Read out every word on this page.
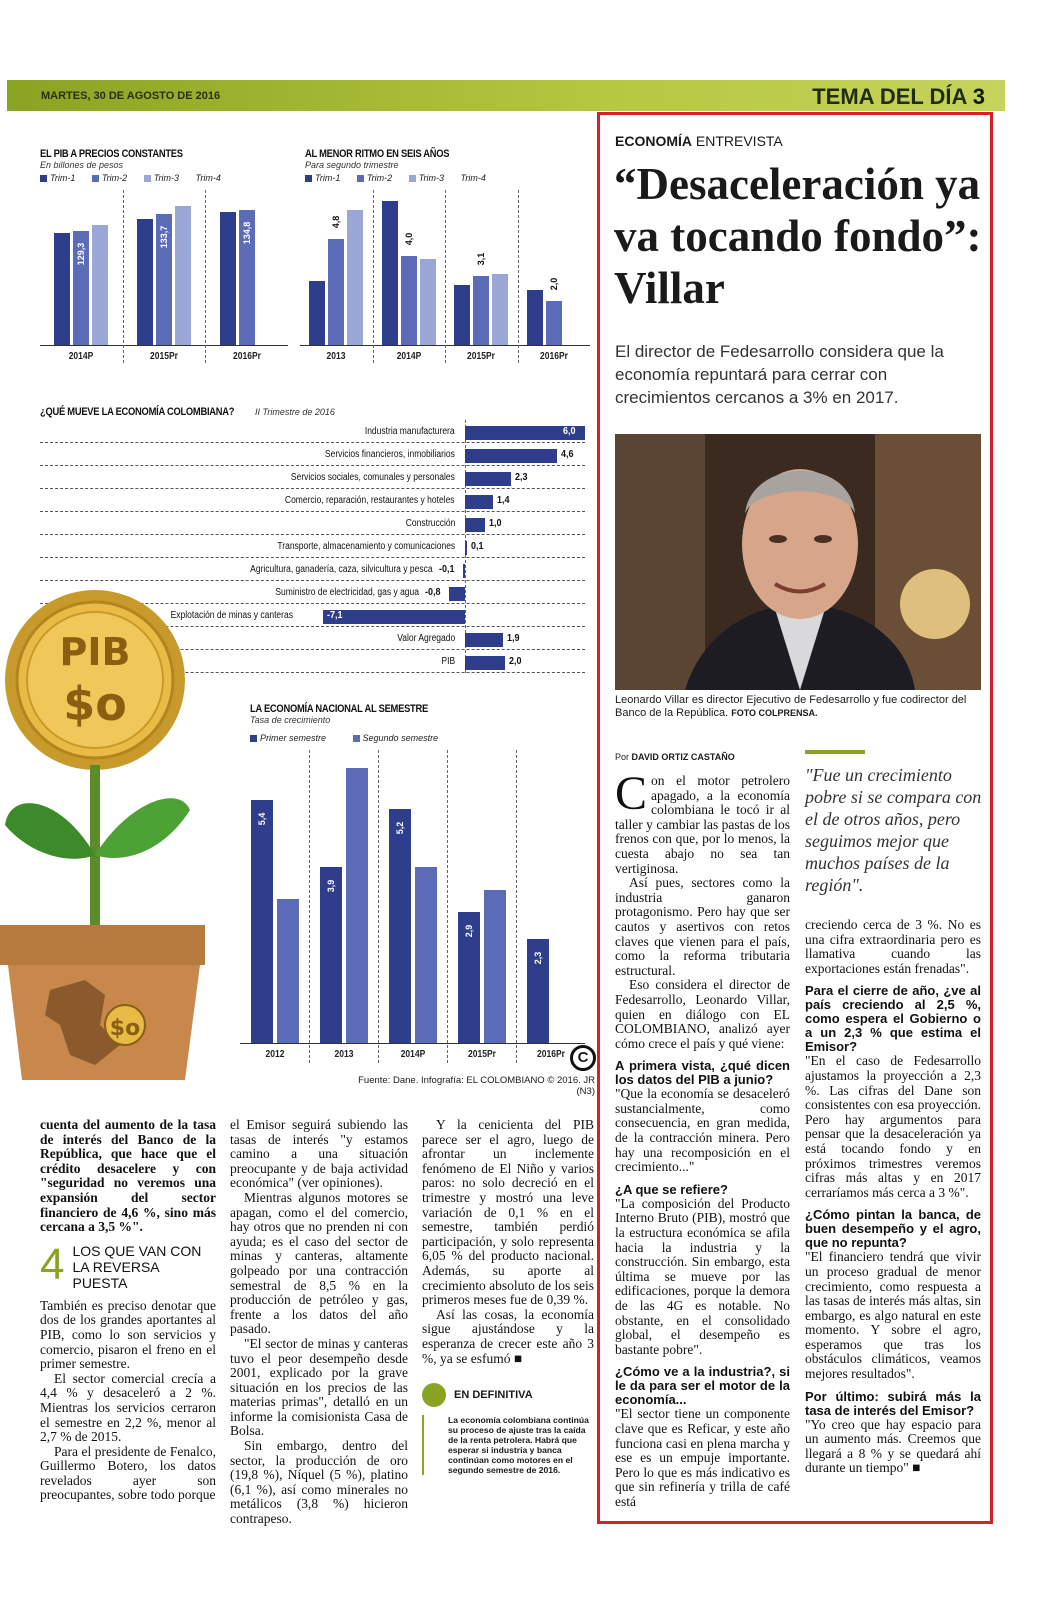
MARTES, 30 DE AGOSTO DE 2016	TEMA DEL DÍA 3
EL PIB A PRECIOS CONSTANTES
En billones de pesos
Trim-1	Trim-2	Trim-3 Trim-4
2014P
129,3
2015Pr
133,7
2016Pr
134,8
AL MENOR RITMO EN SEIS AÑOS
Para segundo trimestre
Trim-1	Trim-2	Trim-3 Trim-4
2013
4,8
2014P
4,0
2015Pr
3,1
2016Pr
2,0
¿QUÉ MUEVE LA ECONOMÍA COLOMBIANA? II Trimestre de 2016
6,0
Industria manufacturera
4,6
Servicios financieros, inmobiliarios
2,3
Servicios sociales, comunales y personales
1,4
Comercio, reparación, restaurantes y hoteles
1,0
Construcción
0,1
Transporte, almacenamiento y comunicaciones
-0,1
Agricultura, ganadería, caza, silvicultura y pesca
-0,8
Suministro de electricidad, gas y agua
-7,1
Explotación de minas y canteras
1,9
Valor Agregado
2,0
PIB
PIB
$o
$o
LA ECONOMÍA NACIONAL AL SEMESTRE
Tasa de crecimiento
Primer semestre	Segundo semestre
2012
5,4
2013
3,9
2014P
5,2
2015Pr
2,9
2016Pr
2,3
C
Fuente: Dane. Infografía: EL COLOMBIANO © 2016. JR (N3)

cuenta del aumento de la tasa de interés del Banco de la República, que hace que el crédito desacelere y con "seguridad no veremos una expansión del sector financiero de 4,6 %, sino más cercana a 3,5 %".

4 LOS QUE VAN CON LA REVERSA PUESTA

También es preciso denotar que dos de los grandes aportantes al PIB, como lo son servicios y comercio, pisaron el freno en el primer semestre.

El sector comercial crecía a 4,4 % y desaceleró a 2 %. Mientras los servicios cerraron el semestre en 2,2 %, menor al 2,7 % de 2015.

Para el presidente de Fenalco, Guillermo Botero, los datos revelados ayer son preocupantes, sobre todo porque

el Emisor seguirá subiendo las tasas de interés "y estamos camino a una situación preocupante y de baja actividad económica" (ver opiniones).

Mientras algunos motores se apagan, como el del comercio, hay otros que no prenden ni con ayuda; es el caso del sector de minas y canteras, altamente golpeado por una contracción semestral de 8,5 % en la producción de petróleo y gas, frente a los datos del año pasado.

"El sector de minas y canteras tuvo el peor desempeño desde 2001, explicado por la grave situación en los precios de las materias primas", detalló en un informe la comisionista Casa de Bolsa.

Sin embargo, dentro del sector, la producción de oro (19,8 %), Níquel (5 %), platino (6,1 %), así como minerales no metálicos (3,8 %) hicieron contrapeso.

Y la cenicienta del PIB parece ser el agro, luego de afrontar un inclemente fenómeno de El Niño y varios paros: no solo decreció en el trimestre y mostró una leve variación de 0,1 % en el semestre, también perdió participación, y solo representa 6,05 % del producto nacional. Además, su aporte al crecimiento absoluto de los seis primeros meses fue de 0,39 %.

Así las cosas, la economía sigue ajustándose y la esperanza de crecer este año 3 %, ya se esfumó ■

EN DEFINITIVA
La economía colombiana continúa su proceso de ajuste tras la caída de la renta petrolera. Habrá que esperar si industria y banca continúan como motores en el segundo semestre de 2016.
ECONOMÍA ENTREVISTA
“Desaceleración ya va tocando fondo”: Villar
El director de Fedesarrollo considera que la economía repuntará para cerrar con crecimientos cercanos a 3% en 2017.
Leonardo Villar es director Ejecutivo de Fedesarrollo y fue codirector del Banco de la República. FOTO COLPRENSA.
Por DAVID ORTIZ CASTAÑO

Con el motor petrolero apagado, a la economía colombiana le tocó ir al taller y cambiar las pastas de los frenos con que, por lo menos, la cuesta abajo no sea tan vertiginosa.

Así pues, sectores como la industria ganaron protagonismo. Pero hay que ser cautos y asertivos con retos claves que vienen para el país, como la reforma tributaria estructural.

Eso considera el director de Fedesarrollo, Leonardo Villar, quien en diálogo con EL COLOMBIANO, analizó ayer cómo crece el país y qué viene:

A primera vista, ¿qué dicen los datos del PIB a junio?

"Que la economía se desaceleró sustancialmente, como consecuencia, en gran medida, de la contracción minera. Pero hay una recomposición en el crecimiento..."

¿A que se refiere?

"La composición del Producto Interno Bruto (PIB), mostró que la estructura económica se afila hacia la industria y la construcción. Sin embargo, esta última se mueve por las edificaciones, porque la demora de las 4G es notable. No obstante, en el consolidado global, el desempeño es bastante pobre".

¿Cómo ve a la industria?, si le da para ser el motor de la economía...

"El sector tiene un componente clave que es Reficar, y este año funciona casi en plena marcha y ese es un empuje importante. Pero lo que es más indicativo es que sin refinería y trilla de café está

"Fue un crecimiento pobre si se compara con el de otros años, pero seguimos mejor que muchos países de la región".

creciendo cerca de 3 %. No es una cifra extraordinaria pero es llamativa cuando las exportaciones están frenadas".

Para el cierre de año, ¿ve al país creciendo al 2,5 %, como espera el Gobierno o a un 2,3 % que estima el Emisor?

"En el caso de Fedesarrollo ajustamos la proyección a 2,3 %. Las cifras del Dane son consistentes con esa proyección. Pero hay argumentos para pensar que la desaceleración ya está tocando fondo y en próximos trimestres veremos cifras más altas y en 2017 cerraríamos más cerca a 3 %".

¿Cómo pintan la banca, de buen desempeño y el agro, que no repunta?

"El financiero tendrá que vivir un proceso gradual de menor crecimiento, como respuesta a las tasas de interés más altas, sin embargo, es algo natural en este momento. Y sobre el agro, esperamos que tras los obstáculos climáticos, veamos mejores resultados".

Por último: subirá más la tasa de interés del Emisor?

"Yo creo que hay espacio para un aumento más. Creemos que llegará a 8 % y se quedará ahí durante un tiempo" ■
